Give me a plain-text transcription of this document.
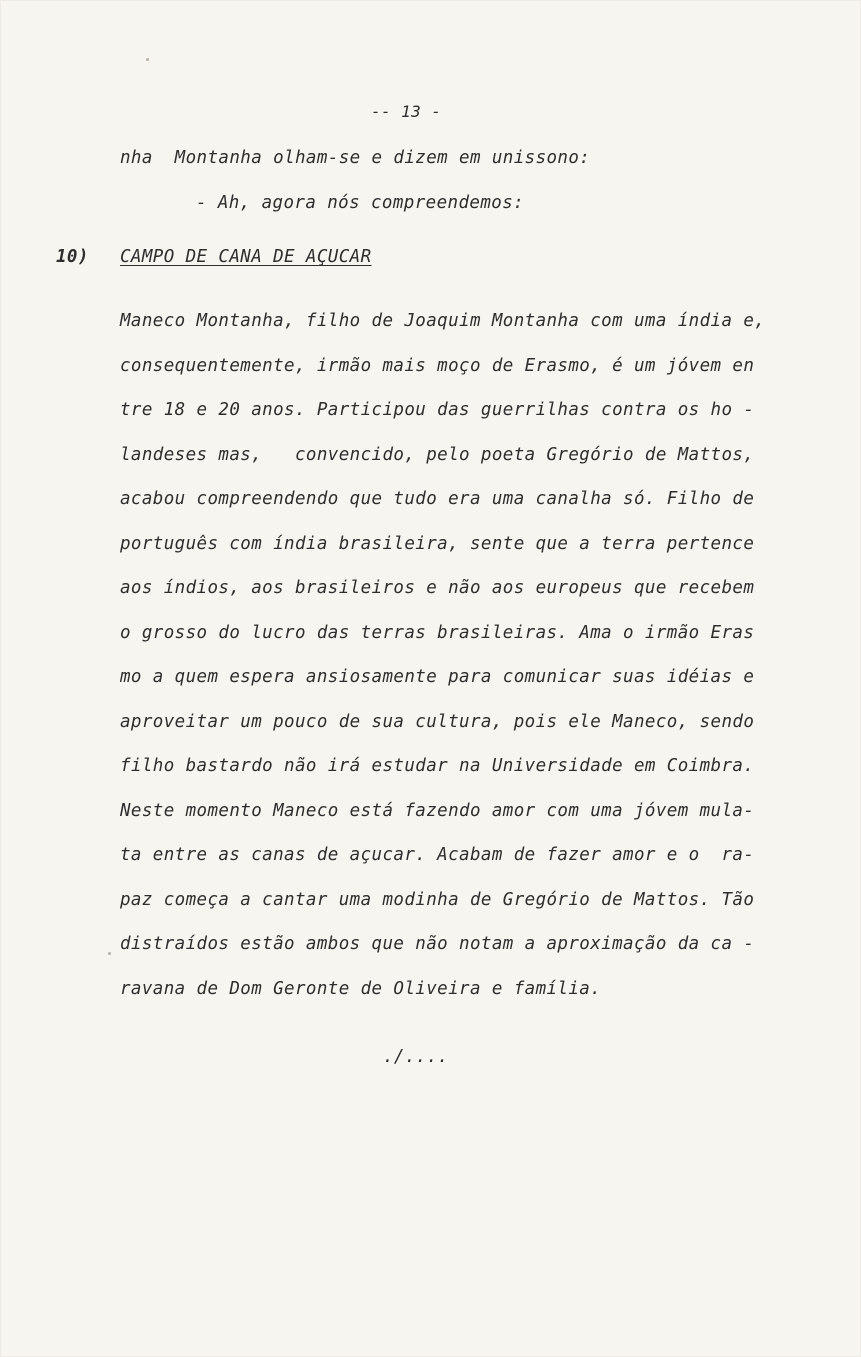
-- 13 -
nha  Montanha olham-se e dizem em unissono:
- Ah, agora nós compreendemos:
10) CAMPO DE CANA DE AÇUCAR
Maneco Montanha, filho de Joaquim Montanha com uma índia e,
consequentemente, irmão mais moço de Erasmo, é um jóvem en
tre 18 e 20 anos. Participou das guerrilhas contra os ho -
landeses mas,   convencido, pelo poeta Gregório de Mattos,
acabou compreendendo que tudo era uma canalha só. Filho de
português com índia brasileira, sente que a terra pertence
aos índios, aos brasileiros e não aos europeus que recebem
o grosso do lucro das terras brasileiras. Ama o irmão Eras
mo a quem espera ansiosamente para comunicar suas idéias e
aproveitar um pouco de sua cultura, pois ele Maneco, sendo
filho bastardo não irá estudar na Universidade em Coimbra.
Neste momento Maneco está fazendo amor com uma jóvem mula-
ta entre as canas de açucar. Acabam de fazer amor e o  ra-
paz começa a cantar uma modinha de Gregório de Mattos. Tão
distraídos estão ambos que não notam a aproximação da ca -
ravana de Dom Geronte de Oliveira e família.
./....
